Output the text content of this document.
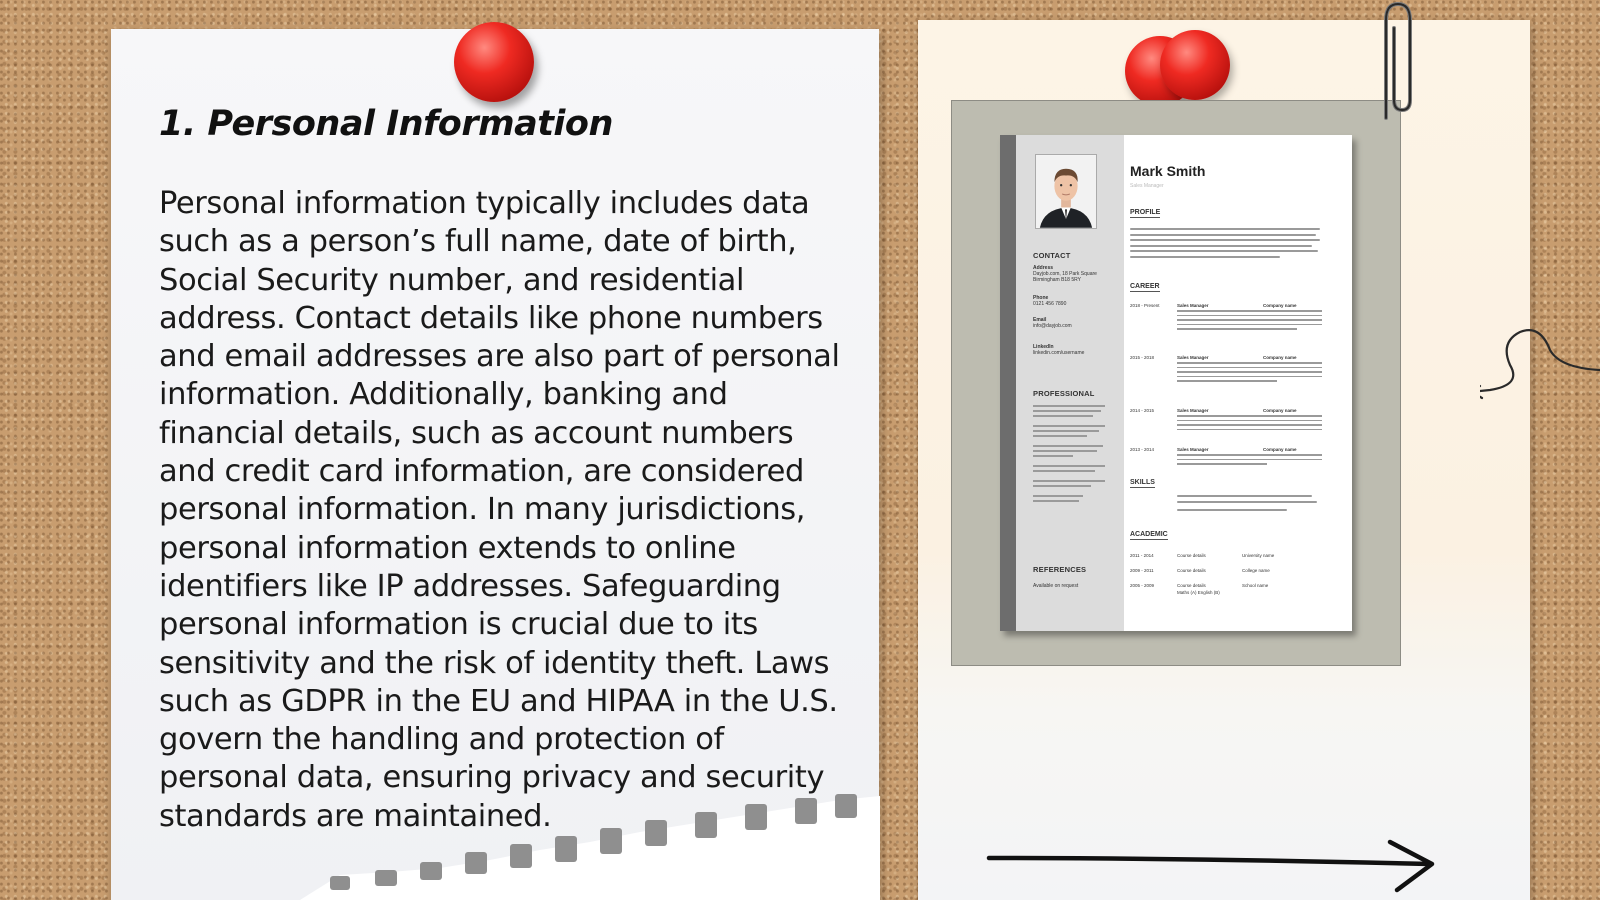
1. Personal Information
Personal information typically includes data such as a person’s full name, date of birth, Social Security number, and residential address. Contact details like phone numbers and email addresses are also part of personal information. Additionally, banking and financial details, such as account numbers and credit card information, are considered personal information. In many jurisdictions, personal information extends to online identifiers like IP addresses. Safeguarding personal information is crucial due to its sensitivity and the risk of identity theft. Laws such as GDPR in the EU and HIPAA in the U.S. govern the handling and protection of personal data, ensuring privacy and security standards are maintained.
CONTACT
Address
Dayjob.com, 18 Park Square Birmingham B18 5RY
Phone
0121 456 7890
Email
info@dayjob.com
LinkedIn
linkedin.com/username
PROFESSIONAL
REFERENCES
Available on request
Mark Smith
Sales Manager
PROFILE
CAREER
2018 - Present	Sales Manager	Company name
2015 - 2018	Sales Manager	Company name
2014 - 2015	Sales Manager	Company name
2013 - 2014	Sales Manager	Company name
SKILLS
ACADEMIC
2011 - 2014	Course details	University name
2009 - 2011	Course details	College name
2005 - 2009	Course details	School name
Maths (A) English (B)
